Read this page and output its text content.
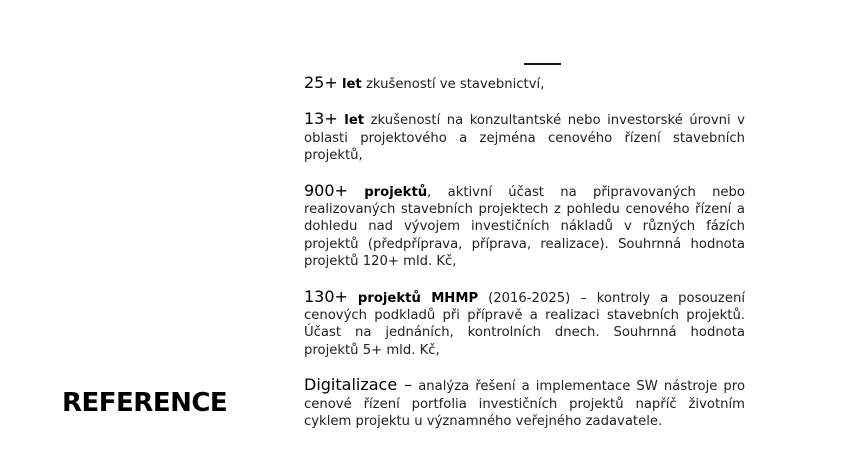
REFERENCE

25+ let zkušeností ve stavebnictví,

13+ let zkušeností na konzultantské nebo investorské úrovni v oblasti projektového a zejména cenového řízení stavebních projektů,

900+ projektů, aktivní účast na připravovaných nebo realizovaných stavebních projektech z pohledu cenového řízení a dohledu nad vývojem investičních nákladů v různých fázích projektů (předpříprava, příprava, realizace). Souhrnná hodnota projektů 120+ mld. Kč,

130+ projektů MHMP (2016-2025) – kontroly a posouzení cenových podkladů při přípravě a realizaci stavebních projektů. Účast na jednáních, kontrolních dnech. Souhrnná hodnota projektů 5+ mld. Kč,

Digitalizace – analýza řešení a implementace SW nástroje pro cenové řízení portfolia investičních projektů napříč životním cyklem projektu u významného veřejného zadavatele.
